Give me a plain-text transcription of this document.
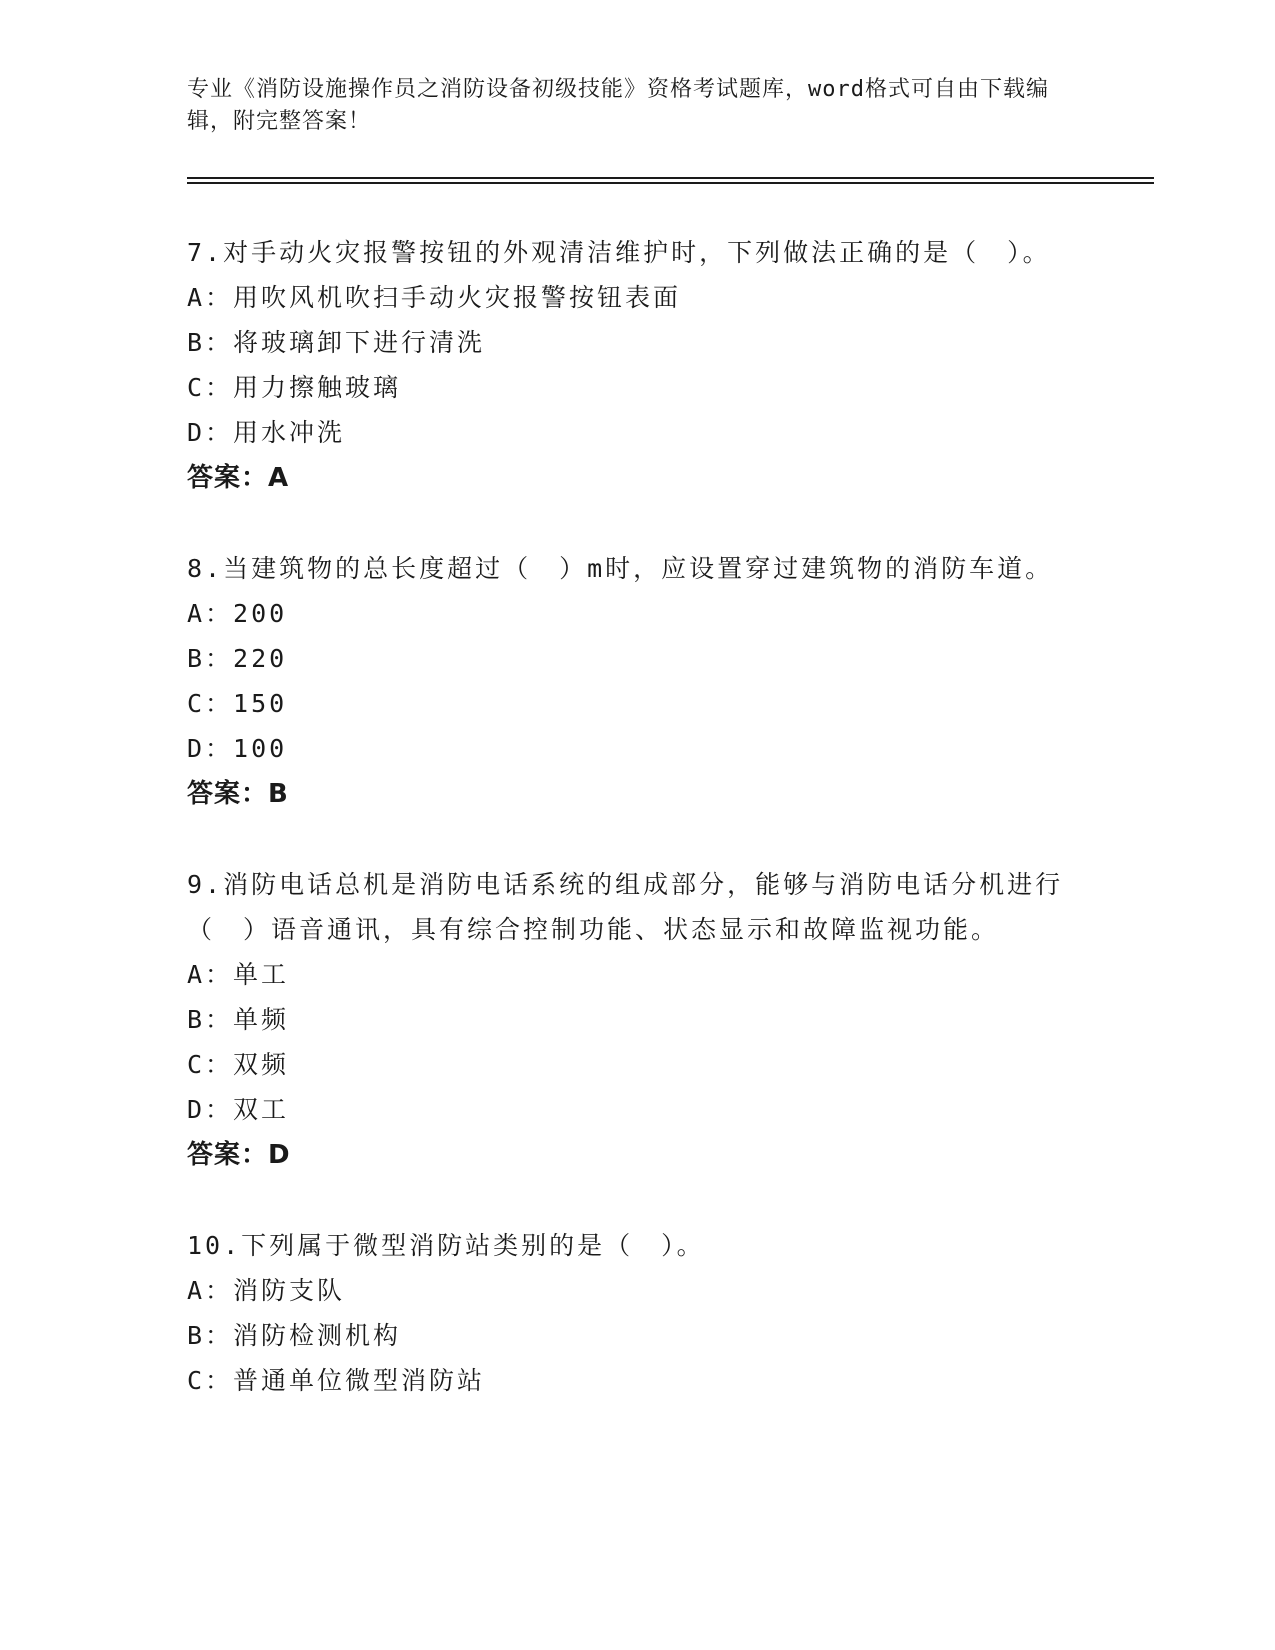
专业《消防设施操作员之消防设备初级技能》资格考试题库，word格式可自由下载编辑，附完整答案！
7.对手动火灾报警按钮的外观清洁维护时，下列做法正确的是（　）。
A：用吹风机吹扫手动火灾报警按钮表面
B：将玻璃卸下进行清洗
C：用力擦触玻璃
D：用水冲洗
答案：A
8.当建筑物的总长度超过（　）m时，应设置穿过建筑物的消防车道。
A：200
B：220
C：150
D：100
答案：B
9.消防电话总机是消防电话系统的组成部分，能够与消防电话分机进行（　）语音通讯，具有综合控制功能、状态显示和故障监视功能。
A：单工
B：单频
C：双频
D：双工
答案：D
10.下列属于微型消防站类别的是（　）。
A：消防支队
B：消防检测机构
C：普通单位微型消防站
